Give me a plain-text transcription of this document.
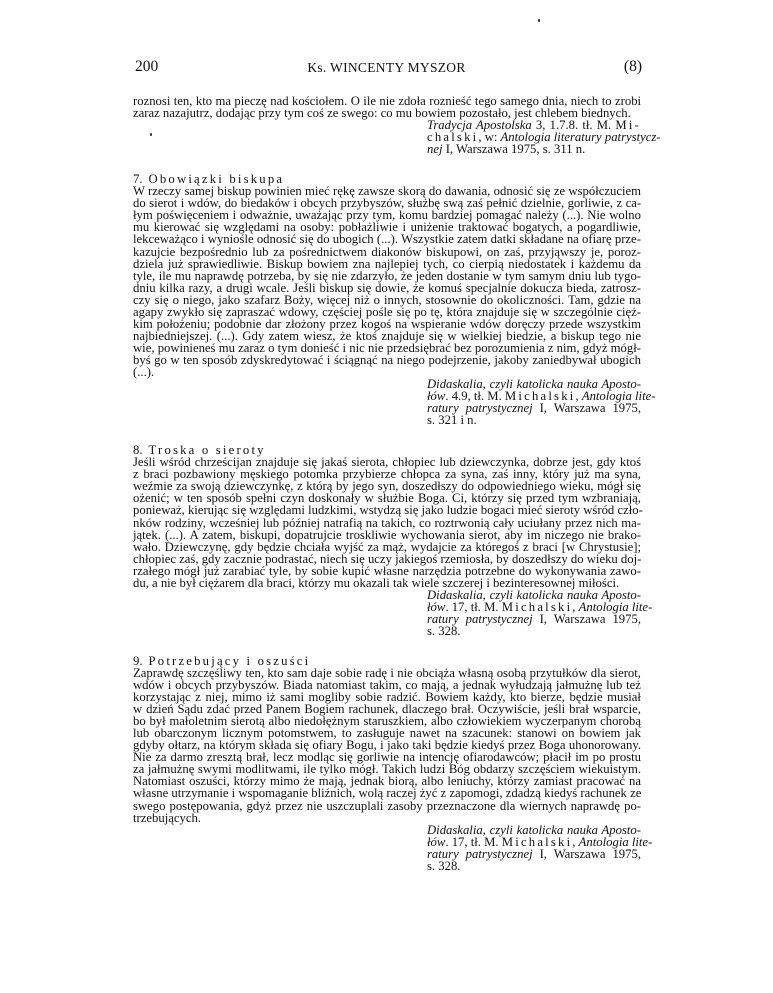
200	Ks. WINCENTY MYSZOR	(8)
roznosi ten, kto ma pieczę nad kościołem. O ile nie zdoła roznieść tego samego dnia, niech to zrobi
zaraz nazajutrz, dodając przy tym coś ze swego: co mu bowiem pozostało, jest chlebem biednych.
Tradycja Apostolska 3, 1.7.8. tł. M. Mi-
chalski, w: Antologia literatury patrystycz-
nej I, Warszawa 1975, s. 311 n.
7. Obowiązki biskupa
W rzeczy samej biskup powinien mieć rękę zawsze skorą do dawania, odnosić się ze współczuciem
do sierot i wdów, do biedaków i obcych przybyszów, służbę swą zaś pełnić dzielnie, gorliwie, z ca-
łym poświęceniem i odważnie, uważając przy tym, komu bardziej pomagać należy (...). Nie wolno
mu kierować się względami na osoby: pobłażliwie i uniżenie traktować bogatych, a pogardliwie,
lekceważąco i wyniośle odnosić się do ubogich (...). Wszystkie zatem datki składane na ofiarę prze-
kazujcie bezpośrednio lub za pośrednictwem diakonów biskupowi, on zaś, przyjąwszy je, poroz-
dziela już sprawiedliwie. Biskup bowiem zna najlepiej tych, co cierpią niedostatek i każdemu da
tyle, ile mu naprawdę potrzeba, by się nie zdarzyło, że jeden dostanie w tym samym dniu lub tygo-
dniu kilka razy, a drugi wcale. Jeśli biskup się dowie, że komuś specjalnie dokucza bieda, zatrosz-
czy się o niego, jako szafarz Boży, więcej niż o innych, stosownie do okoliczności. Tam, gdzie na
agapy zwykło się zapraszać wdowy, częściej pośle się po tę, która znajduje się w szczególnie cięż-
kim położeniu; podobnie dar złożony przez kogoś na wspieranie wdów doręczy przede wszystkim
najbiedniejszej. (...). Gdy zatem wiesz, że ktoś znajduje się w wielkiej biedzie, a biskup tego nie
wie, powinieneś mu zaraz o tym donieść i nic nie przedsiębrać bez porozumienia z nim, gdyż mógł-
byś go w ten sposób zdyskredytować i ściągnąć na niego podejrzenie, jakoby zaniedbywał ubogich
(...).
Didaskalia, czyli katolicka nauka Aposto-
łów. 4.9, tł. M. Michalski, Antologia lite-
ratury patrystycznej I, Warszawa 1975,
s. 321 i n.
8. Troska o sieroty
Jeśli wśród chrześcijan znajduje się jakaś sierota, chłopiec lub dziewczynka, dobrze jest, gdy ktoś
z braci pozbawiony męskiego potomka przybierze chłopca za syna, zaś inny, który już ma syna,
weźmie za swoją dziewczynkę, z którą by jego syn, doszedłszy do odpowiedniego wieku, mógł się
ożenić; w ten sposób spełni czyn doskonały w służbie Boga. Ci, którzy się przed tym wzbraniają,
ponieważ, kierując się względami ludzkimi, wstydzą się jako ludzie bogaci mieć sieroty wśród czło-
nków rodziny, wcześniej lub później natrafią na takich, co roztrwonią cały uciułany przez nich ma-
jątek. (...). A zatem, biskupi, dopatrujcie troskliwie wychowania sierot, aby im niczego nie brako-
wało. Dziewczynę, gdy będzie chciała wyjść za mąż, wydajcie za któregoś z braci [w Chrystusie];
chłopiec zaś, gdy zacznie podrastać, niech się uczy jakiegoś rzemiosła, by doszedłszy do wieku doj-
rzałego mógł już zarabiać tyle, by sobie kupić własne narzędzia potrzebne do wykonywania zawo-
du, a nie był ciężarem dla braci, którzy mu okazali tak wiele szczerej i bezinteresownej miłości.
Didaskalia, czyli katolicka nauka Aposto-
łów. 17, tł. M. Michalski, Antologia lite-
ratury patrystycznej I, Warszawa 1975,
s. 328.
9. Potrzebujący i oszuści
Zaprawdę szczęśliwy ten, kto sam daje sobie radę i nie obciąża własną osobą przytułków dla sierot,
wdów i obcych przybyszów. Biada natomiast takim, co mają, a jednak wyłudzają jałmużnę lub też
korzystając z niej, mimo iż sami mogliby sobie radzić. Bowiem każdy, kto bierze, będzie musiał
w dzień Sądu zdać przed Panem Bogiem rachunek, dlaczego brał. Oczywiście, jeśli brał wsparcie,
bo był małoletnim sierotą albo niedołężnym staruszkiem, albo człowiekiem wyczerpanym chorobą
lub obarczonym licznym potomstwem, to zasługuje nawet na szacunek: stanowi on bowiem jak
gdyby ołtarz, na którym składa się ofiary Bogu, i jako taki będzie kiedyś przez Boga uhonorowany.
Nie za darmo zresztą brał, lecz modląc się gorliwie na intencję ofiarodawców; płacił im po prostu
za jałmużnę swymi modlitwami, ile tylko mógł. Takich ludzi Bóg obdarzy szczęściem wiekuistym.
Natomiast oszuści, którzy mimo że mają, jednak biorą, albo leniuchy, którzy zamiast pracować na
własne utrzymanie i wspomaganie bliźnich, wolą raczej żyć z zapomogi, zdadzą kiedyś rachunek ze
swego postępowania, gdyż przez nie uszczuplali zasoby przeznaczone dla wiernych naprawdę po-
trzebujących.
Didaskalia, czyli katolicka nauka Aposto-
łów. 17, tł. M. Michalski, Antologia lite-
ratury patrystycznej I, Warszawa 1975,
s. 328.
